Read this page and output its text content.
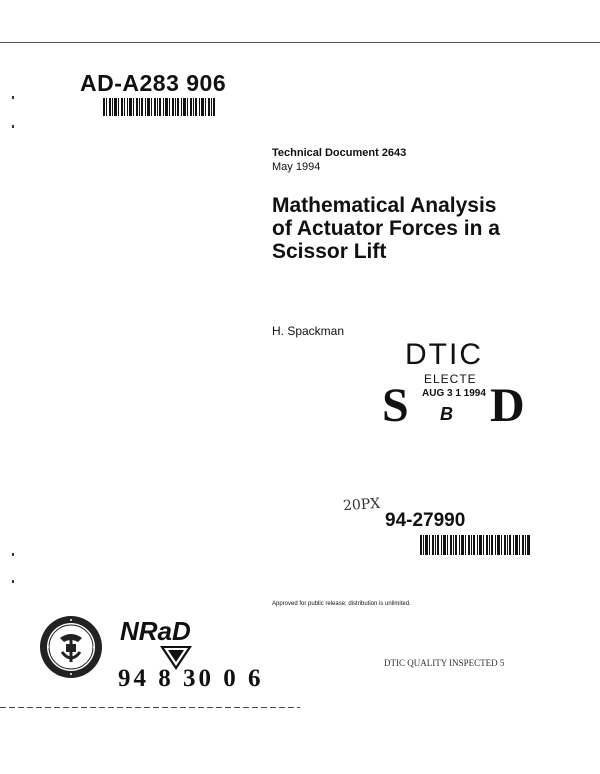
AD-A283 906
Technical Document 2643
May 1994
Mathematical Analysis
of Actuator Forces in a
Scissor Lift
H. Spackman
DTIC
S ELECTE
AUG 3 1 1994
B D
20PX
94-27990
Approved for public release; distribution is unlimited.
NRaD
94 8 30 0 6
DTIC QUALITY INSPECTED 5
